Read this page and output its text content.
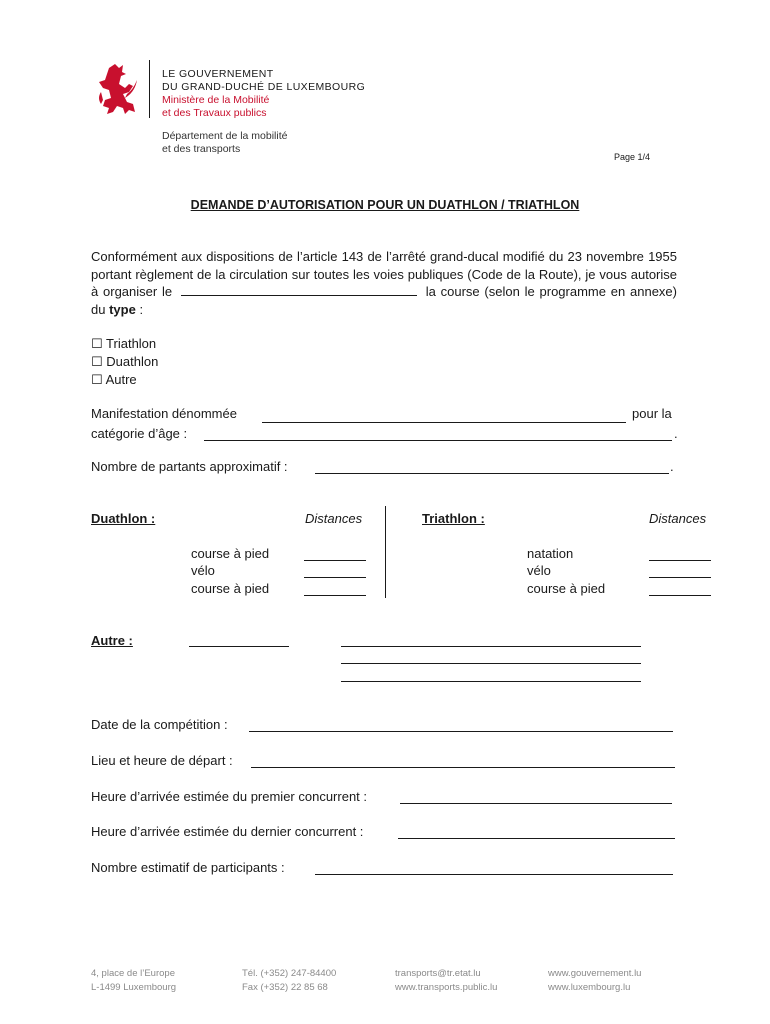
LE GOUVERNEMENT
DU GRAND-DUCHÉ DE LUXEMBOURG
Ministère de la Mobilité
et des Travaux publics
Département de la mobilité
et des transports
Page 1/4
DEMANDE D’AUTORISATION POUR UN DUATHLON / TRIATHLON
Conformément aux dispositions de l’article 143 de l’arrêté grand-ducal modifié du 23 novembre 1955 portant règlement de la circulation sur toutes les voies publiques (Code de la Route), je vous autorise à organiser le	la course (selon le programme en annexe) du type :
☐ Triathlon
☐ Duathlon
☐ Autre
Manifestation dénommée	pour la
catégorie d’âge :	.
Nombre de partants approximatif :	.
Duathlon :	Distances
course à pied
vélo
course à pied
Triathlon :	Distances
natation
vélo
course à pied
Autre :
Date de la compétition :
Lieu et heure de départ :
Heure d’arrivée estimée du premier concurrent :
Heure d’arrivée estimée du dernier concurrent :
Nombre estimatif de participants :
4, place de l’Europe
L-1499 Luxembourg
Tél. (+352) 247-84400
Fax (+352) 22 85 68
transports@tr.etat.lu
www.transports.public.lu
www.gouvernement.lu
www.luxembourg.lu
